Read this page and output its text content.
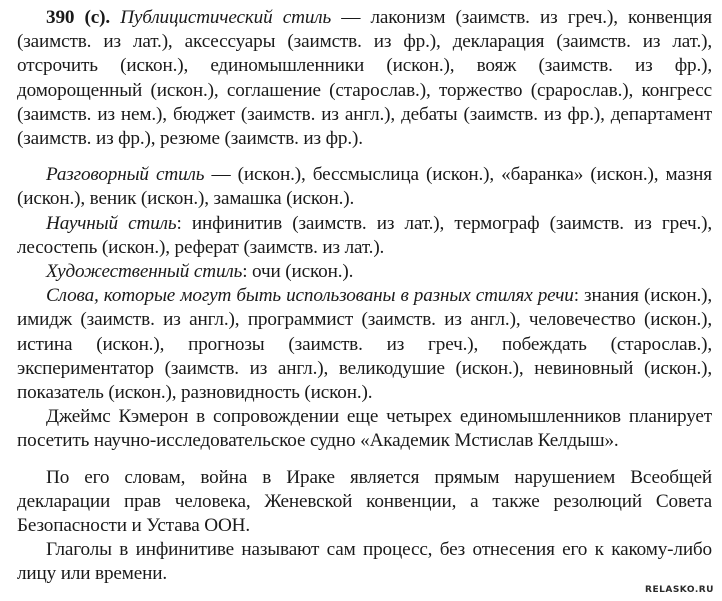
390 (с). Публицистический стиль — лаконизм (заимств. из греч.), конвенция (заимств. из лат.), аксессуары (заимств. из фр.), декларация (заимств. из лат.), отсрочить (искон.), единомышленники (искон.), вояж (заимств. из фр.), доморощенный (искон.), соглашение (старослав.), торжество (срарослав.), конгресс (заимств. из нем.), бюджет (заимств. из англ.), дебаты (заимств. из фр.), департамент (заимств. из фр.), резюме (заимств. из фр.).

Разговорный стиль — (искон.), бессмыслица (искон.), «баранка» (искон.), мазня (искон.), веник (искон.), замашка (искон.).

Научный стиль: инфинитив (заимств. из лат.), термограф (заимств. из греч.), лесостепь (искон.), реферат (заимств. из лат.).

Художественный стиль: очи (искон.).

Слова, которые могут быть использованы в разных стилях речи: знания (искон.), имидж (заимств. из англ.), программист (заимств. из англ.), человечество (искон.), истина (искон.), прогнозы (заимств. из греч.), побеждать (старослав.), экспериментатор (заимств. из англ.), великодушие (искон.), невиновный (искон.), показатель (искон.), разновидность (искон.).

Джеймс Кэмерон в сопровождении еще четырех единомышленников планирует посетить научно-исследовательское судно «Академик Мстислав Келдыш».

По его словам, война в Ираке является прямым нарушением Всеобщей декларации прав человека, Женевской конвенции, а также резолюций Совета Безопасности и Устава ООН.

Глаголы в инфинитиве называют сам процесс, без отнесения его к какому-либо лицу или времени.

RELASKO.RU
